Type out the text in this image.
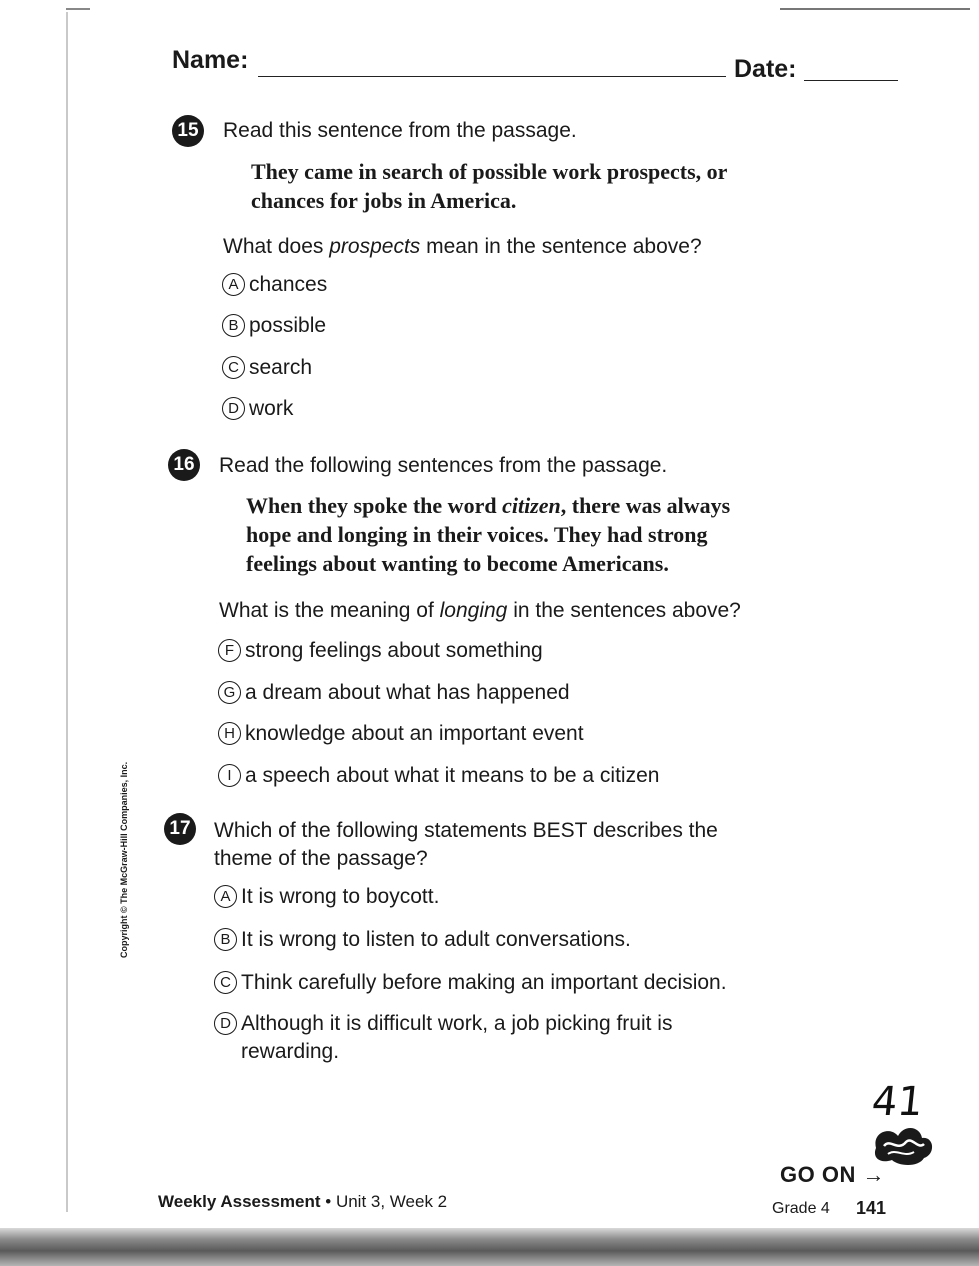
Name:	Date:
15 Read this sentence from the passage.
They came in search of possible work prospects, or
chances for jobs in America.
What does prospects mean in the sentence above?
A chances
B possible
C search
D work
16 Read the following sentences from the passage.
When they spoke the word citizen, there was always
hope and longing in their voices. They had strong
feelings about wanting to become Americans.
What is the meaning of longing in the sentences above?
F strong feelings about something
G a dream about what has happened
H knowledge about an important event
I a speech about what it means to be a citizen
17 Which of the following statements BEST describes the
theme of the passage?
A It is wrong to boycott.
B It is wrong to listen to adult conversations.
C Think carefully before making an important decision.
D Although it is difficult work, a job picking fruit is
rewarding.
Copyright © The McGraw-Hill Companies, Inc.
41
Weekly Assessment • Unit 3, Week 2
GO ON →
Grade 4 141
